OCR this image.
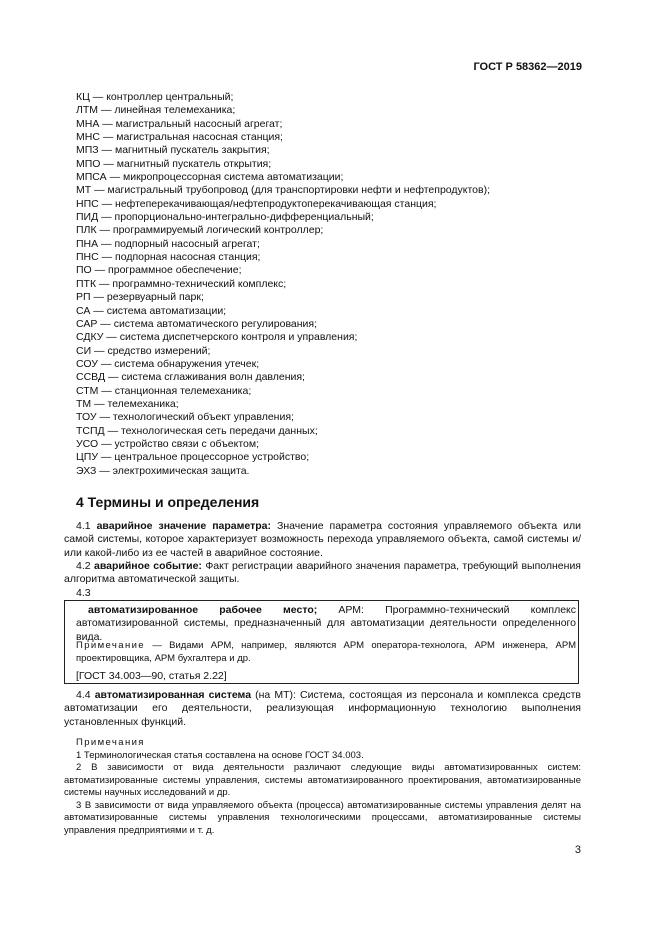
ГОСТ Р 58362—2019
КЦ — контроллер центральный;
ЛТМ — линейная телемеханика;
МНА — магистральный насосный агрегат;
МНС — магистральная насосная станция;
МПЗ — магнитный пускатель закрытия;
МПО — магнитный пускатель открытия;
МПСА — микропроцессорная система автоматизации;
МТ — магистральный трубопровод (для транспортировки нефти и нефтепродуктов);
НПС — нефтеперекачивающая/нефтепродуктоперекачивающая станция;
ПИД — пропорционально-интегрально-дифференциальный;
ПЛК — программируемый логический контроллер;
ПНА — подпорный насосный агрегат;
ПНС — подпорная насосная станция;
ПО — программное обеспечение;
ПТК — программно-технический комплекс;
РП — резервуарный парк;
СА — система автоматизации;
САР — система автоматического регулирования;
СДКУ — система диспетчерского контроля и управления;
СИ — средство измерений;
СОУ — система обнаружения утечек;
ССВД — система сглаживания волн давления;
СТМ — станционная телемеханика;
ТМ — телемеханика;
ТОУ — технологический объект управления;
ТСПД — технологическая сеть передачи данных;
УСО — устройство связи с объектом;
ЦПУ — центральное процессорное устройство;
ЭХЗ — электрохимическая защита.
4 Термины и определения
4.1 аварийное значение параметра: Значение параметра состояния управляемого объекта или самой системы, которое характеризует возможность перехода управляемого объекта, самой системы и/или какой-либо из ее частей в аварийное состояние.
4.2 аварийное событие: Факт регистрации аварийного значения параметра, требующий выполнения алгоритма автоматической защиты.
4.3
автоматизированное рабочее место; АРМ: Программно-технический комплекс автоматизированной системы, предназначенный для автоматизации деятельности определенного вида.
Примечание — Видами АРМ, например, являются АРМ оператора-технолога, АРМ инженера, АРМ проектировщика, АРМ бухгалтера и др.
[ГОСТ 34.003—90, статья 2.22]
4.4 автоматизированная система (на МТ): Система, состоящая из персонала и комплекса средств автоматизации его деятельности, реализующая информационную технологию выполнения установленных функций.
Примечания
1 Терминологическая статья составлена на основе ГОСТ 34.003.
2 В зависимости от вида деятельности различают следующие виды автоматизированных систем: автоматизированные системы управления, системы автоматизированного проектирования, автоматизированные системы научных исследований и др.
3 В зависимости от вида управляемого объекта (процесса) автоматизированные системы управления делят на автоматизированные системы управления технологическими процессами, автоматизированные системы управления предприятиями и т. д.
3
